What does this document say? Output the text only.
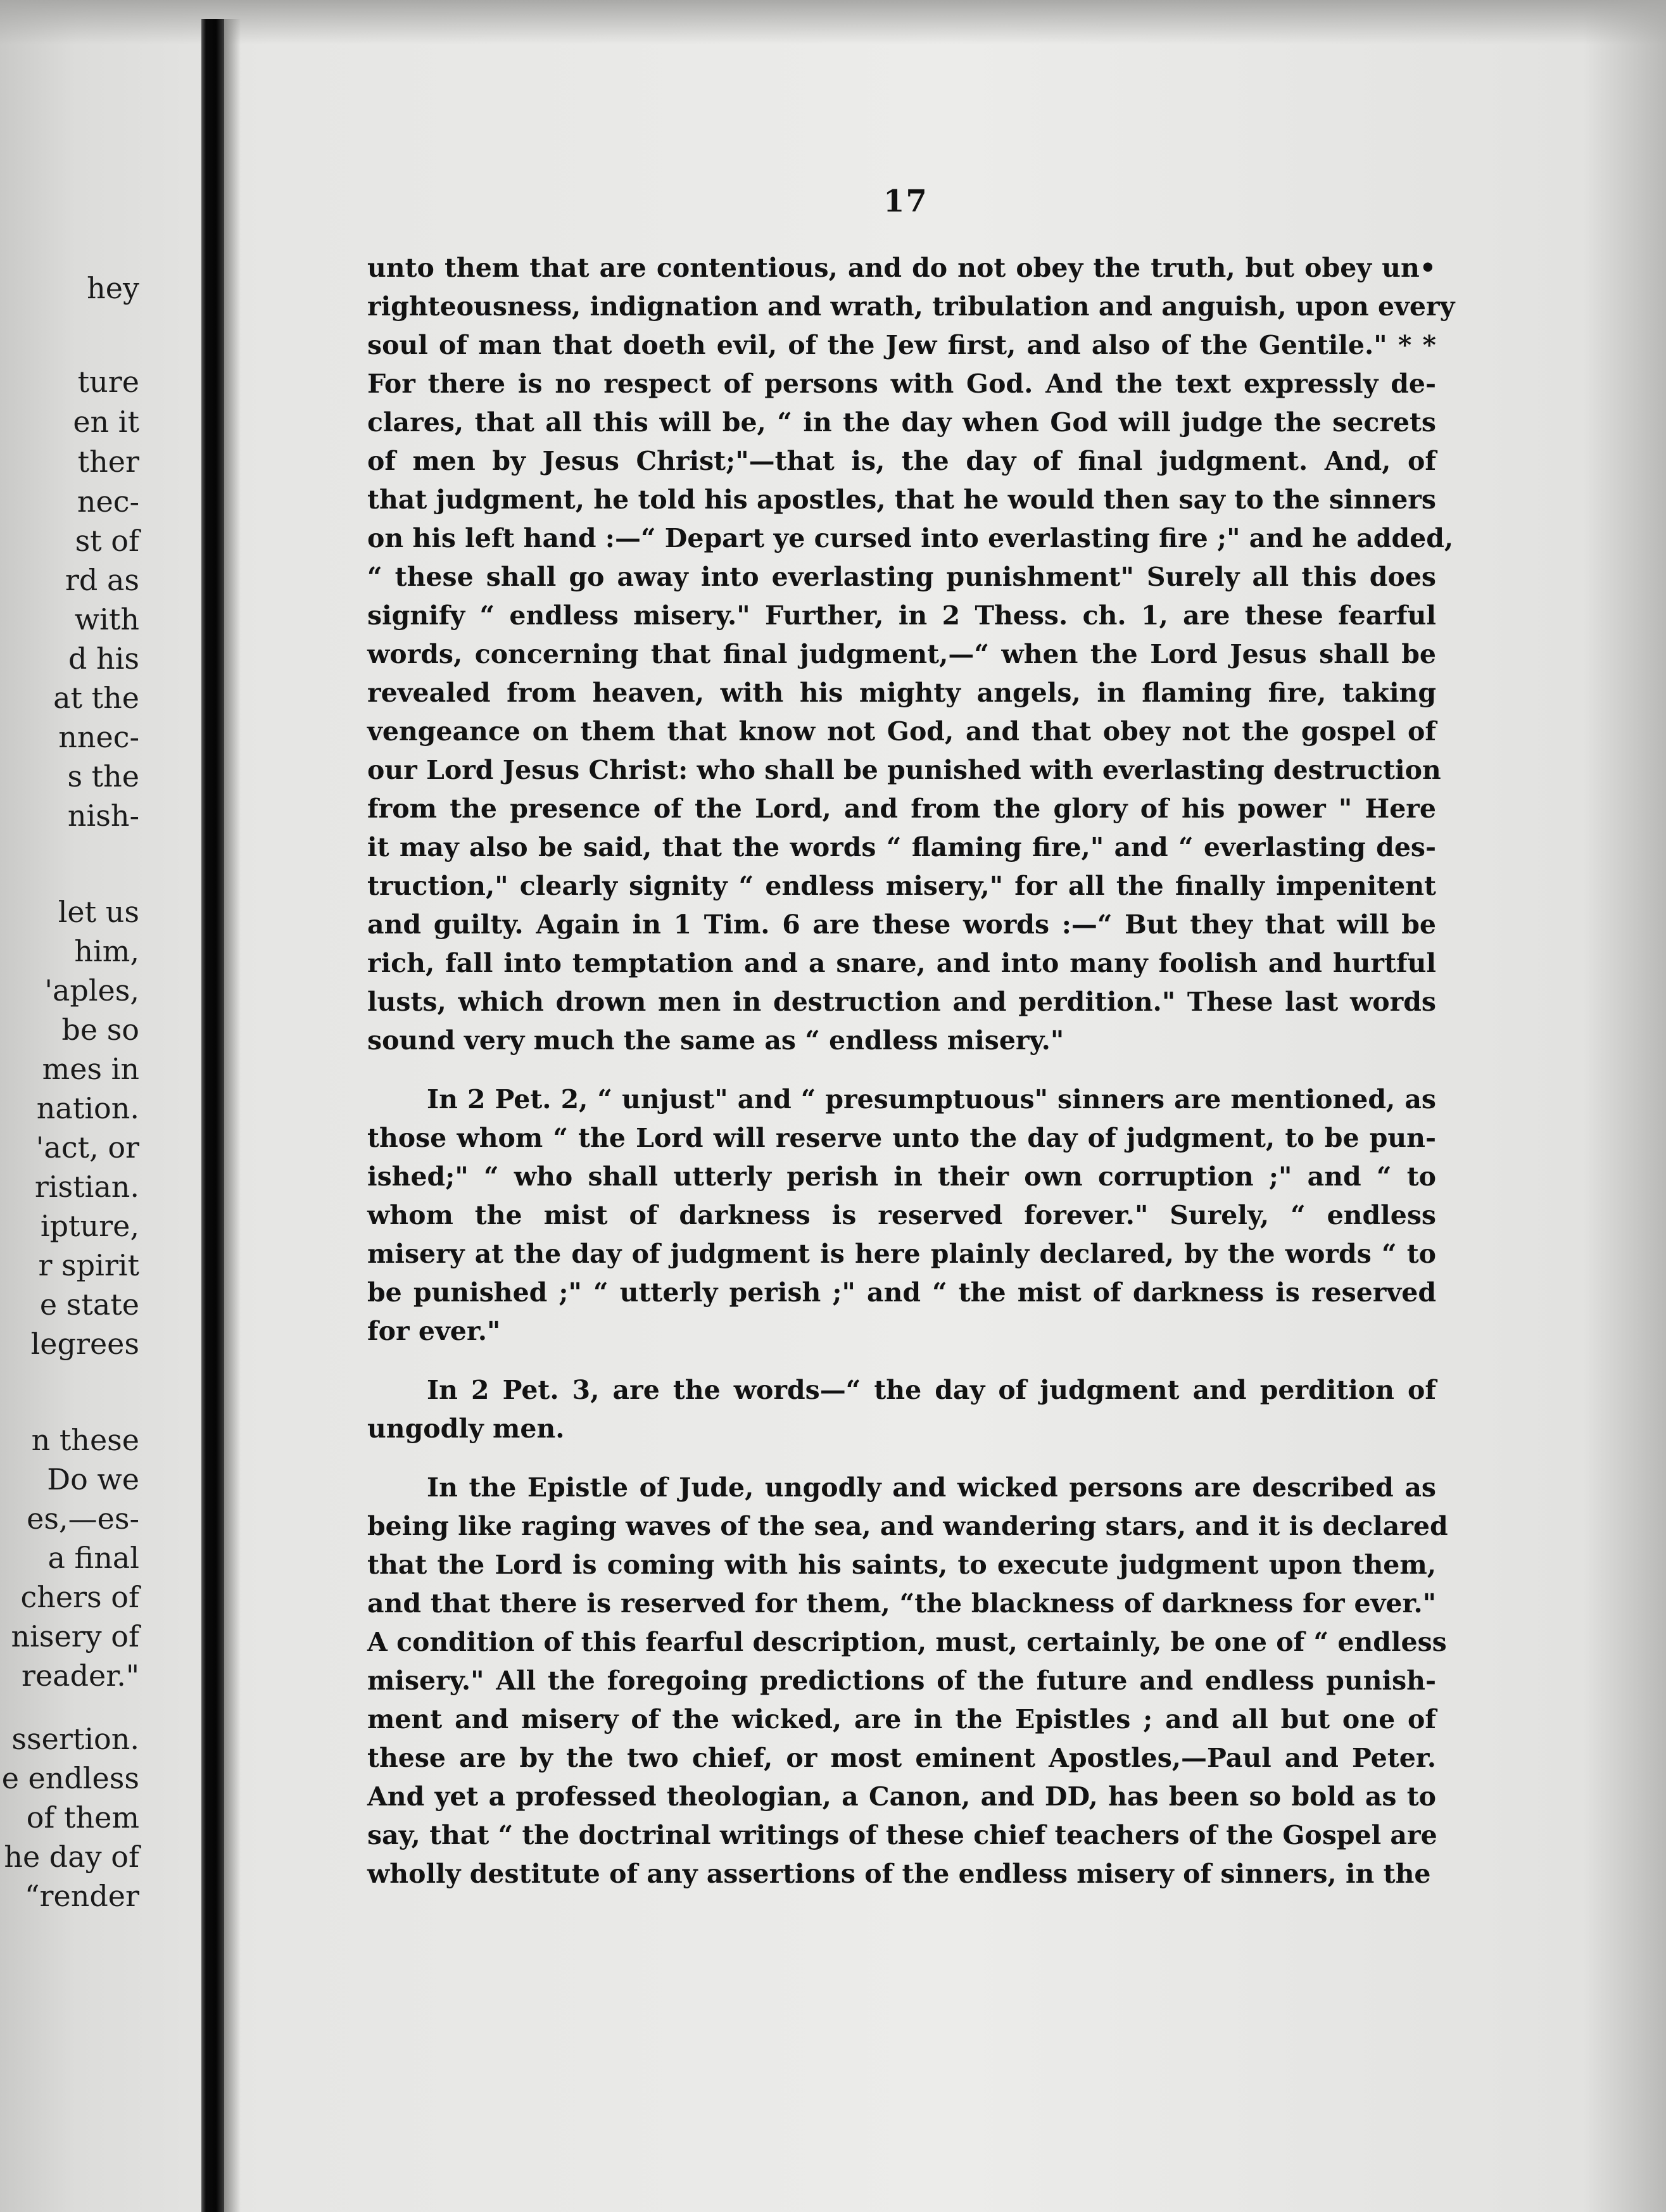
hey
ture
en it
ther
nec-
st of
rd as
with
d his
at the
nnec-
s the
nish-
let us
him,
'aples,
be so
mes in
nation.
'act, or
ristian.
ipture,
r spirit
e state
legrees
n these
Do we
es,—es-
a final
chers of
nisery of
reader."
ssertion.
e endless
of them
he day of
“render
17
unto them that are contentious, and do not obey the truth, but obey un•
righteousness, indignation and wrath, tribulation and anguish, upon every
soul of man that doeth evil, of the Jew first, and also of the Gentile." * *
For there is no respect of persons with God. And the text expressly de-
clares, that all this will be, “ in the day when God will judge the secrets
of men by Jesus Christ;"—that is, the day of final judgment. And, of
that judgment, he told his apostles, that he would then say to the sinners
on his left hand :—“ Depart ye cursed into everlasting fire ;" and he added,
“ these shall go away into everlasting punishment" Surely all this does
signify “ endless misery." Further, in 2 Thess. ch. 1, are these fearful
words, concerning that final judgment,—“ when the Lord Jesus shall be
revealed from heaven, with his mighty angels, in flaming fire, taking
vengeance on them that know not God, and that obey not the gospel of
our Lord Jesus Christ: who shall be punished with everlasting destruction
from the presence of the Lord, and from the glory of his power " Here
it may also be said, that the words “ flaming fire," and “ everlasting des-
truction," clearly signity “ endless misery," for all the finally impenitent
and guilty. Again in 1 Tim. 6 are these words :—“ But they that will be
rich, fall into temptation and a snare, and into many foolish and hurtful
lusts, which drown men in destruction and perdition." These last words
sound very much the same as “ endless misery."
In 2 Pet. 2, “ unjust" and “ presumptuous" sinners are mentioned, as
those whom “ the Lord will reserve unto the day of judgment, to be pun-
ished;" “ who shall utterly perish in their own corruption ;" and “ to
whom the mist of darkness is reserved forever." Surely, “ endless
misery at the day of judgment is here plainly declared, by the words “ to
be punished ;" “ utterly perish ;" and “ the mist of darkness is reserved
for ever."
In 2 Pet. 3, are the words—“ the day of judgment and perdition of
ungodly men.
In the Epistle of Jude, ungodly and wicked persons are described as
being like raging waves of the sea, and wandering stars, and it is declared
that the Lord is coming with his saints, to execute judgment upon them,
and that there is reserved for them, “the blackness of darkness for ever."
A condition of this fearful description, must, certainly, be one of “ endless
misery." All the foregoing predictions of the future and endless punish-
ment and misery of the wicked, are in the Epistles ; and all but one of
these are by the two chief, or most eminent Apostles,—Paul and Peter.
And yet a professed theologian, a Canon, and DD, has been so bold as to
say, that “ the doctrinal writings of these chief teachers of the Gospel are
wholly destitute of any assertions of the endless misery of sinners, in the
